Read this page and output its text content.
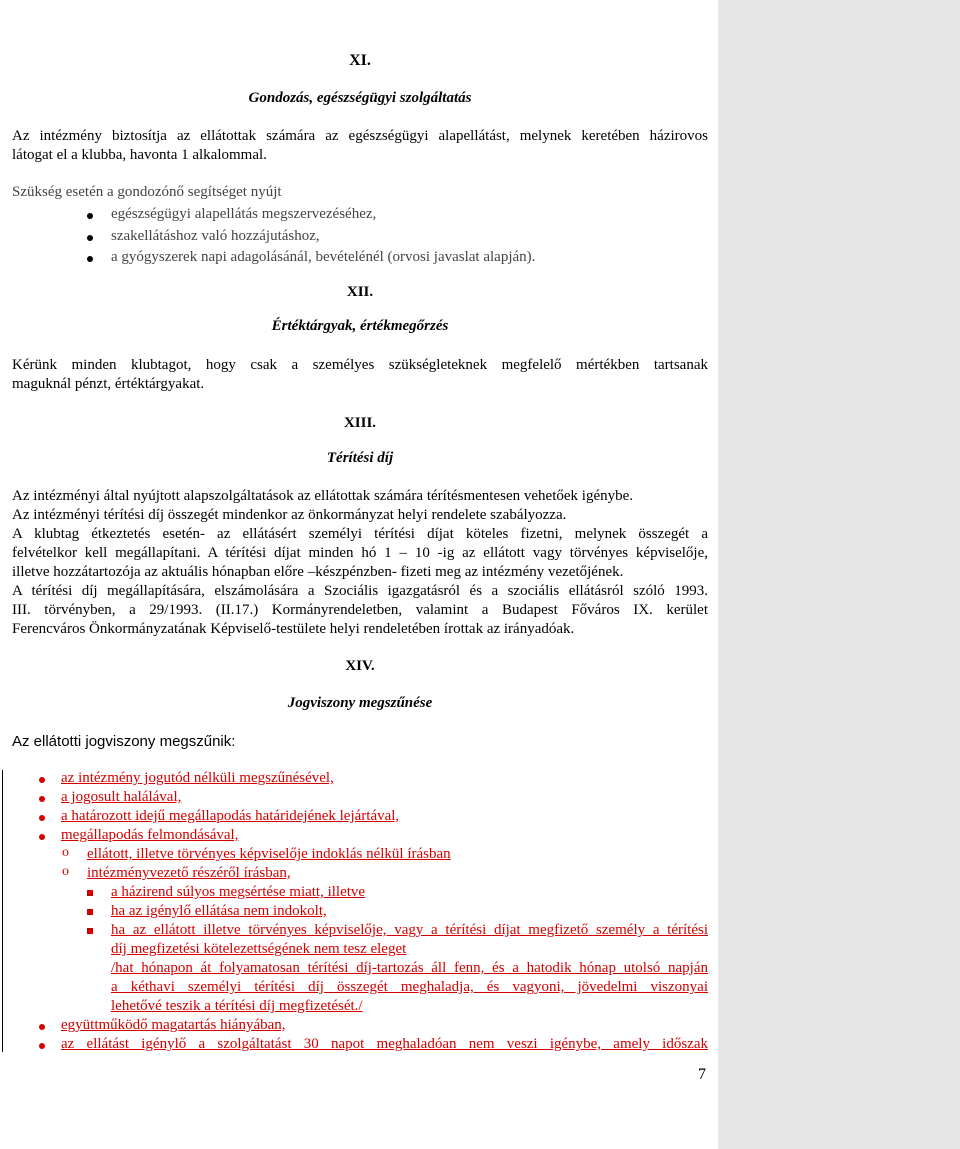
XI.
Gondozás, egészségügyi szolgáltatás
Az intézmény biztosítja az ellátottak számára az egészségügyi alapellátást, melynek keretében házirovos
látogat el a klubba, havonta 1 alkalommal.
Szükség esetén a gondozónő segítséget nyújt
egészségügyi alapellátás megszervezéséhez,
szakellátáshoz való hozzájutáshoz,
a gyógyszerek napi adagolásánál, bevételénél (orvosi javaslat alapján).
XII.
Értéktárgyak, értékmegőrzés
Kérünk minden klubtagot, hogy csak a személyes szükségleteknek megfelelő mértékben tartsanak
maguknál pénzt, értéktárgyakat.
XIII.
Térítési díj
Az intézményi által nyújtott alapszolgáltatások az ellátottak számára térítésmentesen vehetőek igénybe.
Az intézményi térítési díj összegét mindenkor az önkormányzat helyi rendelete szabályozza.
A klubtag étkeztetés esetén- az ellátásért személyi térítési díjat köteles fizetni, melynek összegét a
felvételkor kell megállapítani. A térítési díjat minden hó 1 – 10 -ig az ellátott vagy törvényes képviselője,
illetve hozzátartozója az aktuális hónapban előre –készpénzben- fizeti meg az intézmény vezetőjének.
A térítési díj megállapítására, elszámolására a Szociális igazgatásról és a szociális ellátásról szóló 1993.
III. törvényben, a 29/1993. (II.17.) Kormányrendeletben, valamint a Budapest Főváros IX. kerület
Ferencváros Önkormányzatának Képviselő-testülete helyi rendeletében írottak az irányadóak.
XIV.
Jogviszony megszűnése
Az ellátotti jogviszony megszűnik:
az intézmény jogutód nélküli megszűnésével,
a jogosult halálával,
a határozott idejű megállapodás határidejének lejártával,
megállapodás felmondásával,
o ellátott, illetve törvényes képviselője indoklás nélkül írásban
o intézményvezető részéről írásban,
a házirend súlyos megsértése miatt, illetve
ha az igénylő ellátása nem indokolt,
ha az ellátott illetve törvényes képviselője, vagy a térítési díjat megfizető személy a térítési
díj megfizetési kötelezettségének nem tesz eleget
/hat hónapon át folyamatosan térítési díj-tartozás áll fenn, és a hatodik hónap utolsó napján
a kéthavi személyi térítési díj összegét meghaladja, és vagyoni, jövedelmi viszonyai
lehetővé teszik a térítési díj megfizetését./
együttműködő magatartás hiányában,
az ellátást igénylő a szolgáltatást 30 napot meghaladóan nem veszi igénybe, amely időszak
7
